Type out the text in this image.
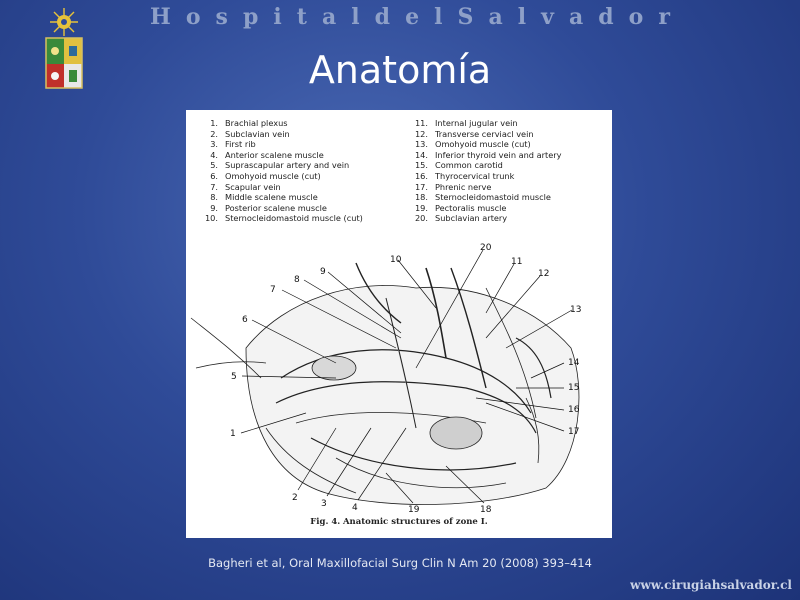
H o s p i t a l d e l S a l v a d o r
Anatomía
1. Brachial plexus
2. Subclavian vein
3. First rib
4. Anterior scalene muscle
5. Suprascapular artery and vein
6. Omohyoid muscle (cut)
7. Scapular vein
8. Middle scalene muscle
9. Posterior scalene muscle
10. Sternocleidomastoid muscle (cut)
11. Internal jugular vein
12. Transverse cerviacl vein
13. Omohyoid muscle (cut)
14. Inferior thyroid vein and artery
15. Common carotid
16. Thyrocervical trunk
17. Phrenic nerve
18. Sternocleidomastoid muscle
19. Pectoralis muscle
20. Subclavian artery
1
2
3	4
5
6
7
8
9
10	11
12
13
14
15
16
17
18
19
20
Fig. 4. Anatomic structures of zone I.
Bagheri et al, Oral Maxillofacial Surg Clin N Am 20 (2008) 393–414
www.cirugiahsalvador.cl
